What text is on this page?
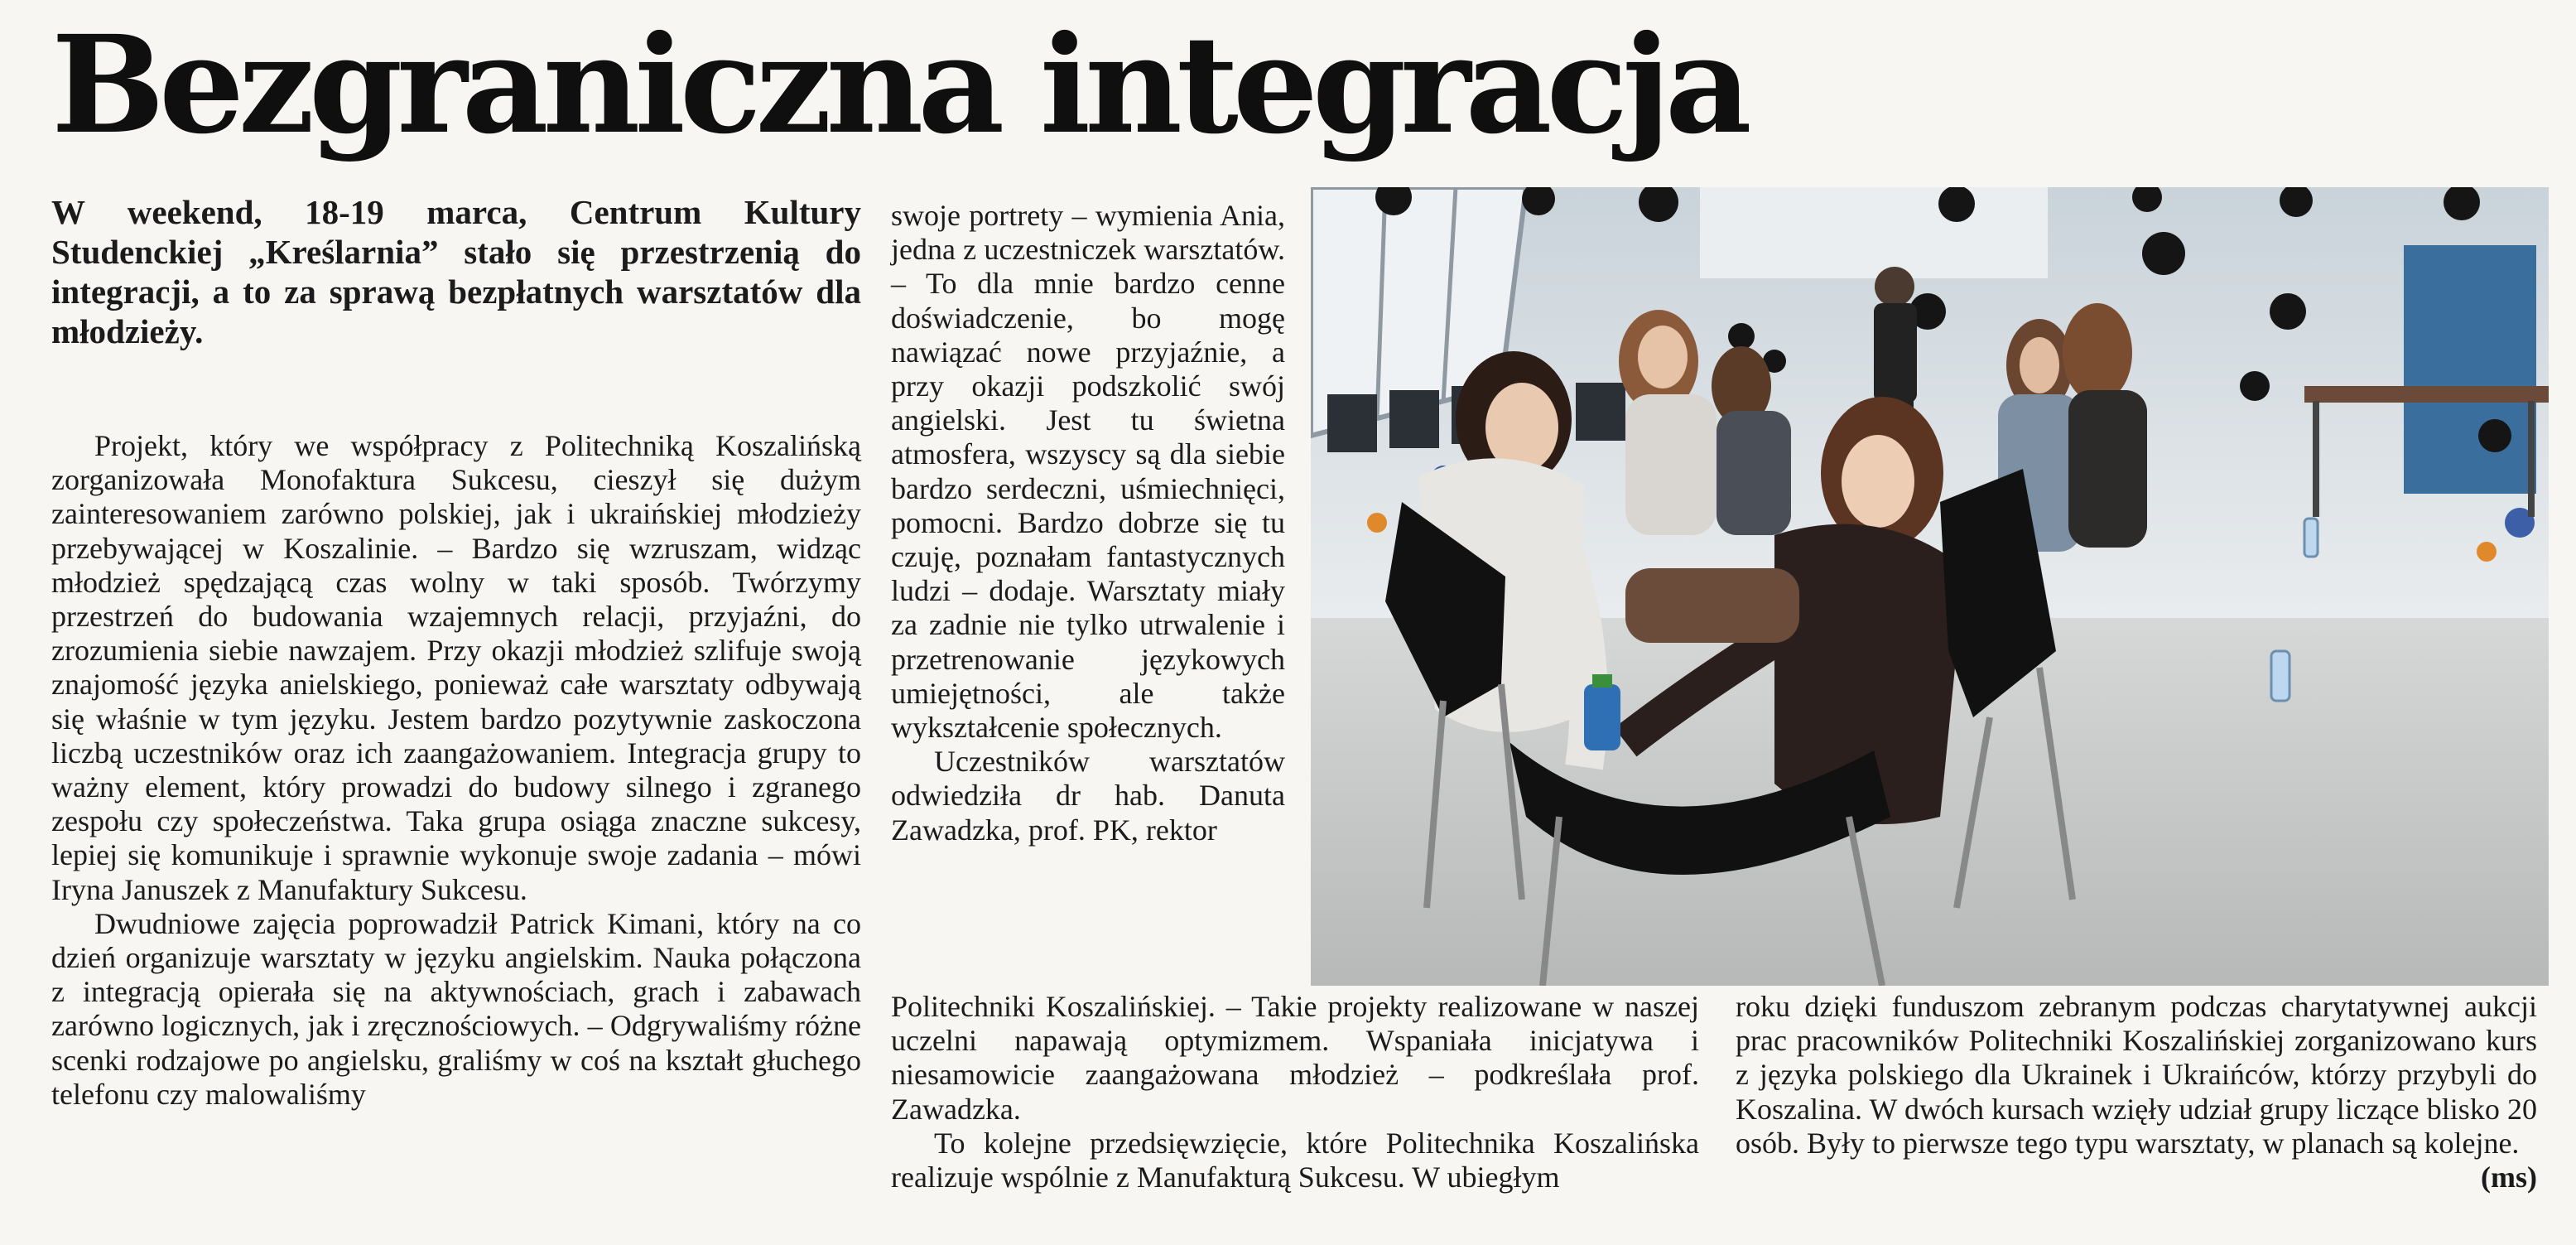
Bezgraniczna integracja

W weekend, 18-19 marca, Centrum Kultury Studenckiej „Kreślarnia” stało się przestrzenią do integracji, a to za sprawą bezpłatnych warsztatów dla młodzieży.

Projekt, który we współpracy z Politechniką Koszalińską zorganizowała Monofaktura Sukcesu, cieszył się dużym zainteresowaniem zarówno polskiej, jak i ukraińskiej młodzieży przebywającej w Koszalinie. – Bardzo się wzruszam, widząc młodzież spędzającą czas wolny w taki sposób. Twórzymy przestrzeń do budowania wzajemnych relacji, przyjaźni, do zrozumienia siebie nawzajem. Przy okazji młodzież szlifuje swoją znajomość języka anielskiego, ponieważ całe warsztaty odbywają się właśnie w tym języku. Jestem bardzo pozytywnie zaskoczona liczbą uczestników oraz ich zaangażowaniem. Integracja grupy to ważny element, który prowadzi do budowy silnego i zgranego zespołu czy społeczeństwa. Taka grupa osiąga znaczne sukcesy, lepiej się komunikuje i sprawnie wykonuje swoje zadania – mówi Iryna Januszek z Manufaktury Sukcesu.

Dwudniowe zajęcia poprowadził Patrick Kimani, który na co dzień organizuje warsztaty w języku angielskim. Nauka połączona z integracją opierała się na aktywnościach, grach i zabawach zarówno logicznych, jak i zręcznościowych. – Odgrywaliśmy różne scenki rodzajowe po angielsku, graliśmy w coś na kształt głuchego telefonu czy malowaliśmy

swoje portrety – wymienia Ania, jedna z uczestniczek warsztatów. – To dla mnie bardzo cenne doświadczenie, bo mogę nawiązać nowe przyjaźnie, a przy okazji podszkolić swój angielski. Jest tu świetna atmosfera, wszyscy są dla siebie bardzo serdeczni, uśmiechnięci, pomocni. Bardzo dobrze się tu czuję, poznałam fantastycznych ludzi – dodaje. Warsztaty miały za zadnie nie tylko utrwalenie i przetrenowanie językowych umiejętności, ale także wykształcenie społecznych.

Uczestników warsztatów odwiedziła dr hab. Danuta Zawadzka, prof. PK, rektor

Politechniki Koszalińskiej. – Takie projekty realizowane w naszej uczelni napawają optymizmem. Wspaniała inicjatywa i niesamowicie zaangażowana młodzież – podkreślała prof. Zawadzka.

To kolejne przedsięwzięcie, które Politechnika Koszalińska realizuje wspólnie z Manufakturą Sukcesu. W ubiegłym

roku dzięki funduszom zebranym podczas charytatywnej aukcji prac pracowników Politechniki Koszalińskiej zorganizowano kurs z języka polskiego dla Ukrainek i Ukraińców, którzy przybyli do Koszalina. W dwóch kursach wzięły udział grupy liczące blisko 20 osób. Były to pierwsze tego typu warsztaty, w planach są kolejne.
(ms)
